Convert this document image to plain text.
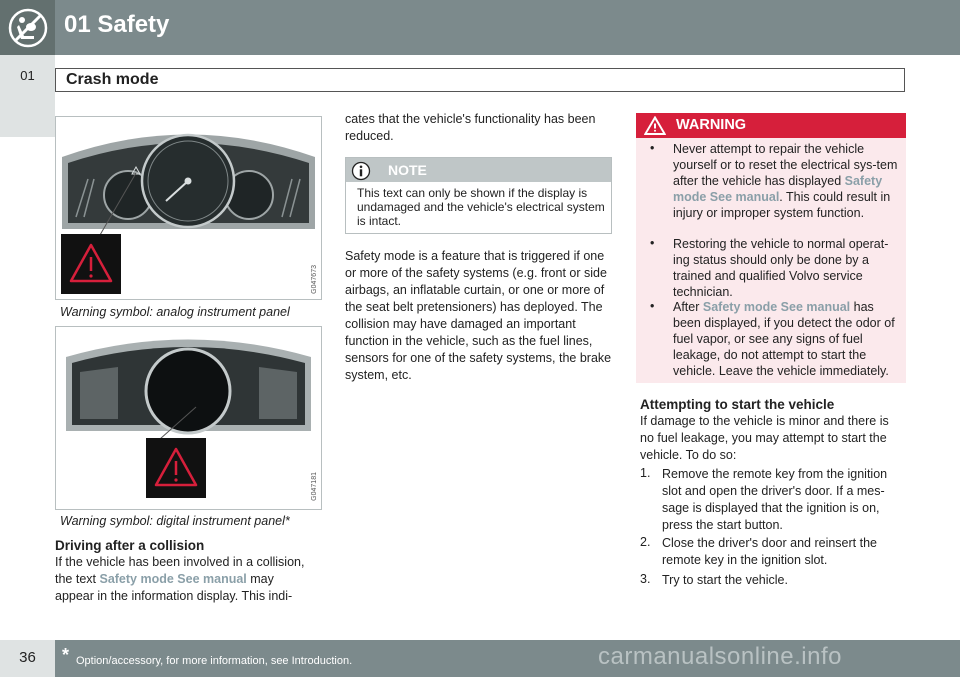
01 Safety
01	Crash mode
G047673
Warning symbol: analog instrument panel
G047181
Warning symbol: digital instrument panel*
Driving after a collision
If the vehicle has been involved in a collision,
the text Safety mode See manual may
appear in the information display. This indi-
cates that the vehicle's functionality has been reduced.
NOTE
This text can only be shown if the display is undamaged and the vehicle's electrical system is intact.
Safety mode is a feature that is triggered if one or more of the safety systems (e.g. front or side airbags, an inflatable curtain, or one or more of the seat belt pretensioners) has deployed. The collision may have damaged an important function in the vehicle, such as the fuel lines, sensors for one of the safety systems, the brake system, etc.
WARNING
• Never attempt to repair the vehicle yourself or to reset the electrical sys-tem after the vehicle has displayed Safety mode See manual. This could result in injury or improper system function.
• Restoring the vehicle to normal operat-ing status should only be done by a trained and qualified Volvo service technician.
• After Safety mode See manual has been displayed, if you detect the odor of fuel vapor, or see any signs of fuel leakage, do not attempt to start the vehicle. Leave the vehicle immediately.
Attempting to start the vehicle
If damage to the vehicle is minor and there is no fuel leakage, you may attempt to start the vehicle. To do so:
1. Remove the remote key from the ignition slot and open the driver's door. If a mes-sage is displayed that the ignition is on, press the start button.
2. Close the driver's door and reinsert the remote key in the ignition slot.
3. Try to start the vehicle.
36	* Option/accessory, for more information, see Introduction.	carmanualsonline.info
